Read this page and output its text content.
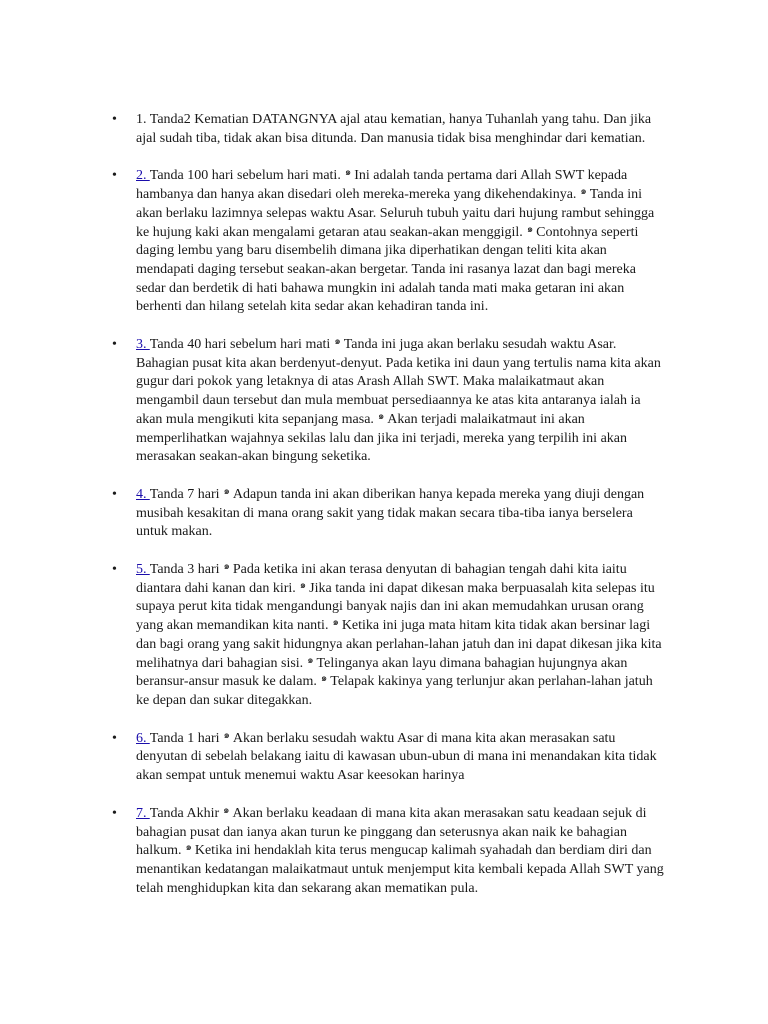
• 1. Tanda2 Kematian DATANGNYA ajal atau kematian, hanya Tuhanlah yang tahu. Dan jika ajal sudah tiba, tidak akan bisa ditunda. Dan manusia tidak bisa menghindar dari kematian.
• 2. Tanda 100 hari sebelum hari mati. ๑ Ini adalah tanda pertama dari Allah SWT kepada hambanya dan hanya akan disedari oleh mereka-mereka yang dikehendakinya. ๑ Tanda ini akan berlaku lazimnya selepas waktu Asar. Seluruh tubuh yaitu dari hujung rambut sehingga ke hujung kaki akan mengalami getaran atau seakan-akan menggigil. ๑ Contohnya seperti daging lembu yang baru disembelih dimana jika diperhatikan dengan teliti kita akan mendapati daging tersebut seakan-akan bergetar. Tanda ini rasanya lazat dan bagi mereka sedar dan berdetik di hati bahawa mungkin ini adalah tanda mati maka getaran ini akan berhenti dan hilang setelah kita sedar akan kehadiran tanda ini.
• 3. Tanda 40 hari sebelum hari mati ๑ Tanda ini juga akan berlaku sesudah waktu Asar. Bahagian pusat kita akan berdenyut-denyut. Pada ketika ini daun yang tertulis nama kita akan gugur dari pokok yang letaknya di atas Arash Allah SWT. Maka malaikatmaut akan mengambil daun tersebut dan mula membuat persediaannya ke atas kita antaranya ialah ia akan mula mengikuti kita sepanjang masa. ๑ Akan terjadi malaikatmaut ini akan memperlihatkan wajahnya sekilas lalu dan jika ini terjadi, mereka yang terpilih ini akan merasakan seakan-akan bingung seketika.
• 4. Tanda 7 hari ๑ Adapun tanda ini akan diberikan hanya kepada mereka yang diuji dengan musibah kesakitan di mana orang sakit yang tidak makan secara tiba-tiba ianya berselera untuk makan.
• 5. Tanda 3 hari ๑ Pada ketika ini akan terasa denyutan di bahagian tengah dahi kita iaitu diantara dahi kanan dan kiri. ๑ Jika tanda ini dapat dikesan maka berpuasalah kita selepas itu supaya perut kita tidak mengandungi banyak najis dan ini akan memudahkan urusan orang yang akan memandikan kita nanti. ๑ Ketika ini juga mata hitam kita tidak akan bersinar lagi dan bagi orang yang sakit hidungnya akan perlahan-lahan jatuh dan ini dapat dikesan jika kita melihatnya dari bahagian sisi. ๑ Telinganya akan layu dimana bahagian hujungnya akan beransur-ansur masuk ke dalam. ๑ Telapak kakinya yang terlunjur akan perlahan-lahan jatuh ke depan dan sukar ditegakkan.
• 6. Tanda 1 hari ๑ Akan berlaku sesudah waktu Asar di mana kita akan merasakan satu denyutan di sebelah belakang iaitu di kawasan ubun-ubun di mana ini menandakan kita tidak akan sempat untuk menemui waktu Asar keesokan harinya
• 7. Tanda Akhir ๑ Akan berlaku keadaan di mana kita akan merasakan satu keadaan sejuk di bahagian pusat dan ianya akan turun ke pinggang dan seterusnya akan naik ke bahagian halkum. ๑ Ketika ini hendaklah kita terus mengucap kalimah syahadah dan berdiam diri dan menantikan kedatangan malaikatmaut untuk menjemput kita kembali kepada Allah SWT yang telah menghidupkan kita dan sekarang akan mematikan pula.
